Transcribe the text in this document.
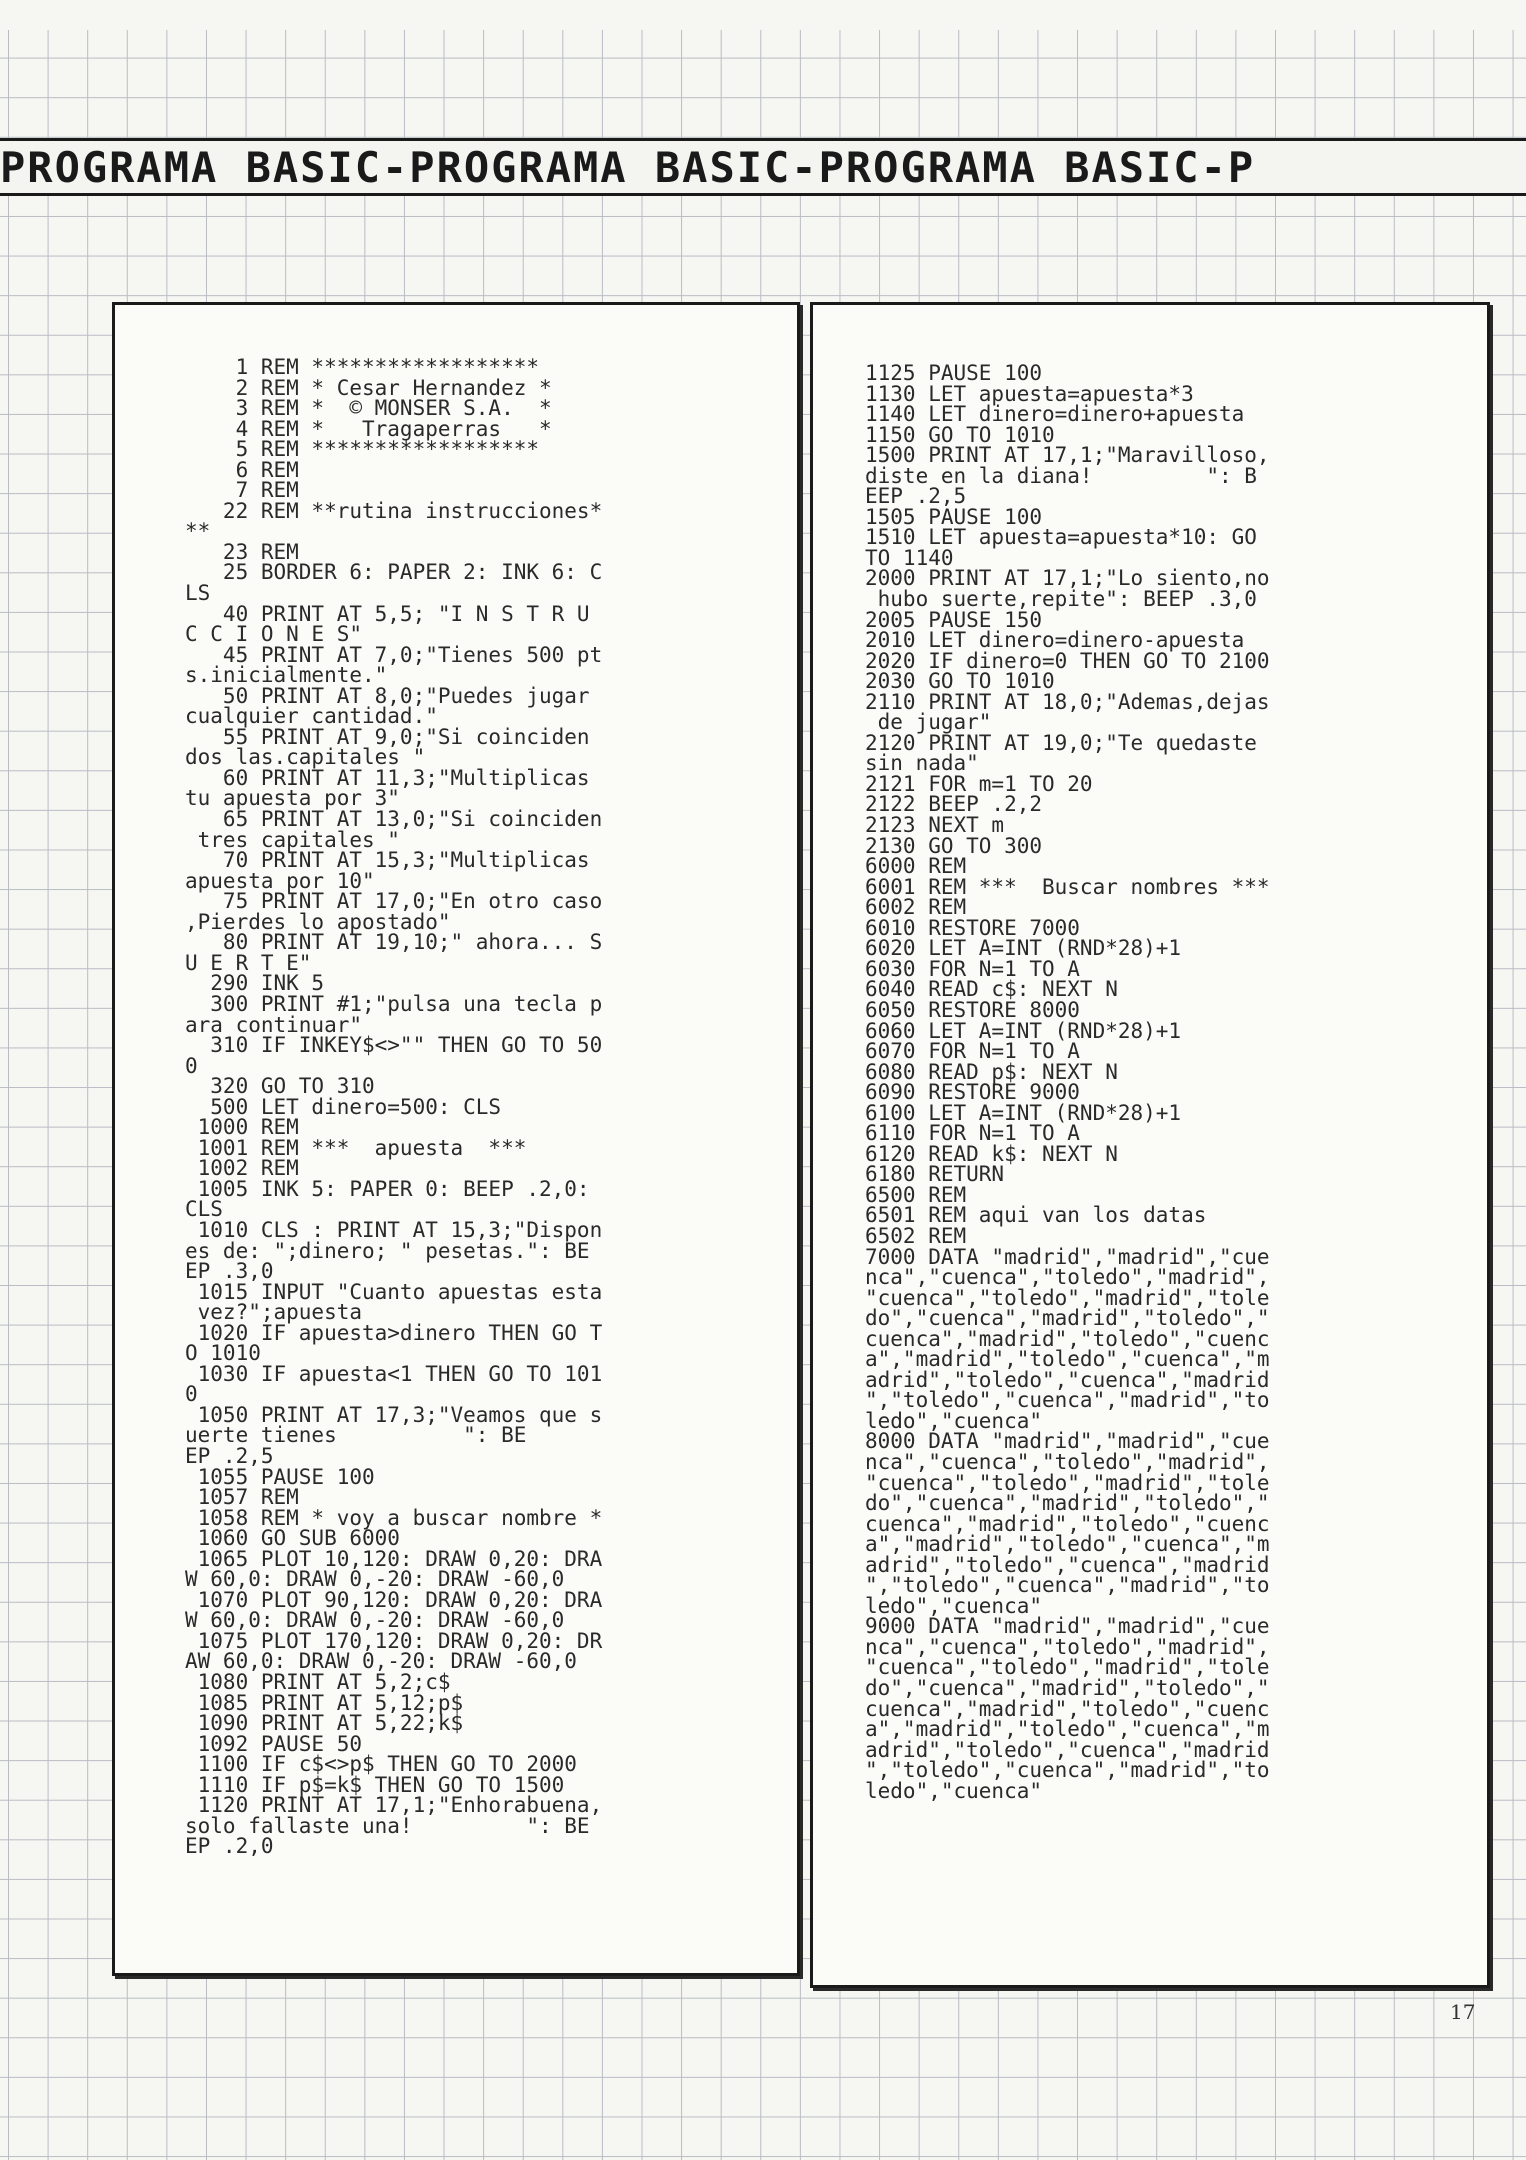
PROGRAMA BASIC-PROGRAMA BASIC-PROGRAMA BASIC-P
1 REM ******************
2 REM * Cesar Hernandez *
3 REM *  © MONSER S.A.  *
4 REM *   Tragaperras   *
5 REM ******************
6 REM
7 REM
22 REM **rutina instrucciones*
**
23 REM
25 BORDER 6: PAPER 2: INK 6: C
LS
40 PRINT AT 5,5; "I N S T R U
C C I O N E S"
45 PRINT AT 7,0;"Tienes 500 pt
s.inicialmente."
50 PRINT AT 8,0;"Puedes jugar
cualquier cantidad."
55 PRINT AT 9,0;"Si coinciden
dos las.capitales "
60 PRINT AT 11,3;"Multiplicas
tu apuesta por 3"
65 PRINT AT 13,0;"Si coinciden
tres capitales "
70 PRINT AT 15,3;"Multiplicas
apuesta por 10"
75 PRINT AT 17,0;"En otro caso
,Pierdes lo apostado"
80 PRINT AT 19,10;" ahora... S
U E R T E"
290 INK 5
300 PRINT #1;"pulsa una tecla p
ara continuar"
310 IF INKEY$<>"" THEN GO TO 50
0
320 GO TO 310
500 LET dinero=500: CLS
1000 REM
1001 REM ***  apuesta  ***
1002 REM
1005 INK 5: PAPER 0: BEEP .2,0:
CLS
1010 CLS : PRINT AT 15,3;"Dispon
es de: ";dinero; " pesetas.": BE
EP .3,0
1015 INPUT "Cuanto apuestas esta
vez?";apuesta
1020 IF apuesta>dinero THEN GO T
O 1010
1030 IF apuesta<1 THEN GO TO 101
0
1050 PRINT AT 17,3;"Veamos que s
uerte tienes          ": BE
EP .2,5
1055 PAUSE 100
1057 REM
1058 REM * voy a buscar nombre *
1060 GO SUB 6000
1065 PLOT 10,120: DRAW 0,20: DRA
W 60,0: DRAW 0,-20: DRAW -60,0
1070 PLOT 90,120: DRAW 0,20: DRA
W 60,0: DRAW 0,-20: DRAW -60,0
1075 PLOT 170,120: DRAW 0,20: DR
AW 60,0: DRAW 0,-20: DRAW -60,0
1080 PRINT AT 5,2;c$
1085 PRINT AT 5,12;p$
1090 PRINT AT 5,22;k$
1092 PAUSE 50
1100 IF c$<>p$ THEN GO TO 2000
1110 IF p$=k$ THEN GO TO 1500
1120 PRINT AT 17,1;"Enhorabuena,
solo fallaste una!         ": BE
EP .2,0
1125 PAUSE 100
1130 LET apuesta=apuesta*3
1140 LET dinero=dinero+apuesta
1150 GO TO 1010
1500 PRINT AT 17,1;"Maravilloso,
diste en la diana!         ": B
EEP .2,5
1505 PAUSE 100
1510 LET apuesta=apuesta*10: GO
TO 1140
2000 PRINT AT 17,1;"Lo siento,no
hubo suerte,repite": BEEP .3,0
2005 PAUSE 150
2010 LET dinero=dinero-apuesta
2020 IF dinero=0 THEN GO TO 2100
2030 GO TO 1010
2110 PRINT AT 18,0;"Ademas,dejas
de jugar"
2120 PRINT AT 19,0;"Te quedaste
sin nada"
2121 FOR m=1 TO 20
2122 BEEP .2,2
2123 NEXT m
2130 GO TO 300
6000 REM
6001 REM ***  Buscar nombres ***
6002 REM
6010 RESTORE 7000
6020 LET A=INT (RND*28)+1
6030 FOR N=1 TO A
6040 READ c$: NEXT N
6050 RESTORE 8000
6060 LET A=INT (RND*28)+1
6070 FOR N=1 TO A
6080 READ p$: NEXT N
6090 RESTORE 9000
6100 LET A=INT (RND*28)+1
6110 FOR N=1 TO A
6120 READ k$: NEXT N
6180 RETURN
6500 REM
6501 REM aqui van los datas
6502 REM
7000 DATA "madrid","madrid","cue
nca","cuenca","toledo","madrid",
"cuenca","toledo","madrid","tole
do","cuenca","madrid","toledo","
cuenca","madrid","toledo","cuenc
a","madrid","toledo","cuenca","m
adrid","toledo","cuenca","madrid
","toledo","cuenca","madrid","to
ledo","cuenca"
8000 DATA "madrid","madrid","cue
nca","cuenca","toledo","madrid",
"cuenca","toledo","madrid","tole
do","cuenca","madrid","toledo","
cuenca","madrid","toledo","cuenc
a","madrid","toledo","cuenca","m
adrid","toledo","cuenca","madrid
","toledo","cuenca","madrid","to
ledo","cuenca"
9000 DATA "madrid","madrid","cue
nca","cuenca","toledo","madrid",
"cuenca","toledo","madrid","tole
do","cuenca","madrid","toledo","
cuenca","madrid","toledo","cuenc
a","madrid","toledo","cuenca","m
adrid","toledo","cuenca","madrid
","toledo","cuenca","madrid","to
ledo","cuenca"
17
